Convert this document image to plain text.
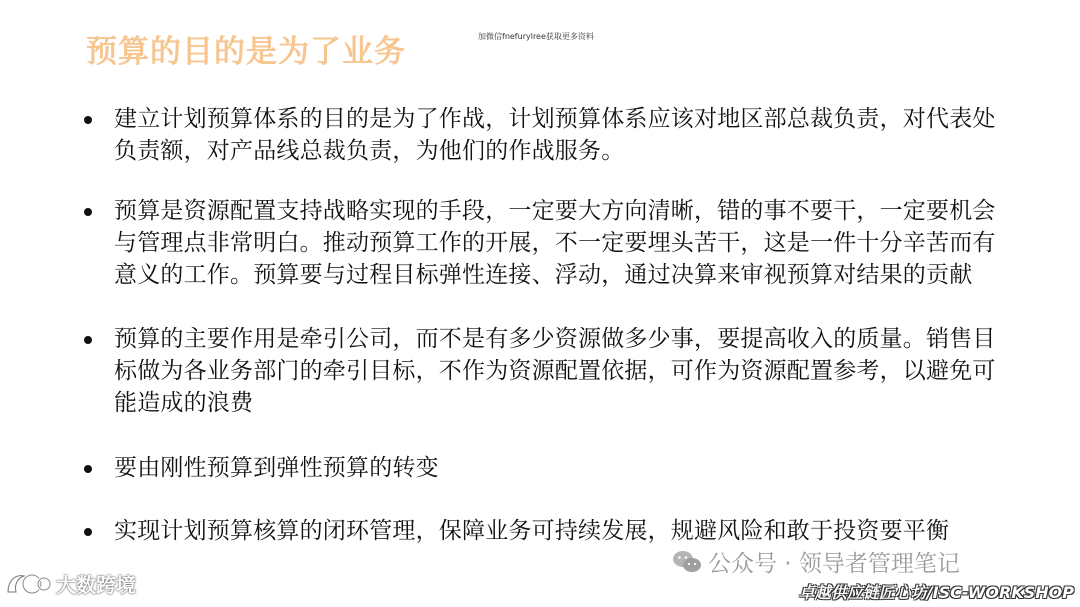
预算的目的是为了业务	加微信fnefurylree获取更多资料
建立计划预算体系的目的是为了作战，计划预算体系应该对地区部总裁负责，对代表处负责额，对产品线总裁负责，为他们的作战服务。
预算是资源配置支持战略实现的手段，一定要大方向清晰，错的事不要干，一定要机会与管理点非常明白。推动预算工作的开展，不一定要埋头苦干，这是一件十分辛苦而有意义的工作。预算要与过程目标弹性连接、浮动，通过决算来审视预算对结果的贡献
预算的主要作用是牵引公司，而不是有多少资源做多少事，要提高收入的质量。销售目标做为各业务部门的牵引目标，不作为资源配置依据，可作为资源配置参考，以避免可能造成的浪费
要由刚性预算到弹性预算的转变
实现计划预算核算的闭环管理，保障业务可持续发展，规避风险和敢于投资要平衡
大数跨境
公众号 · 领导者管理笔记
卓越供应链匠心坊/ISC-WORKSHOP
